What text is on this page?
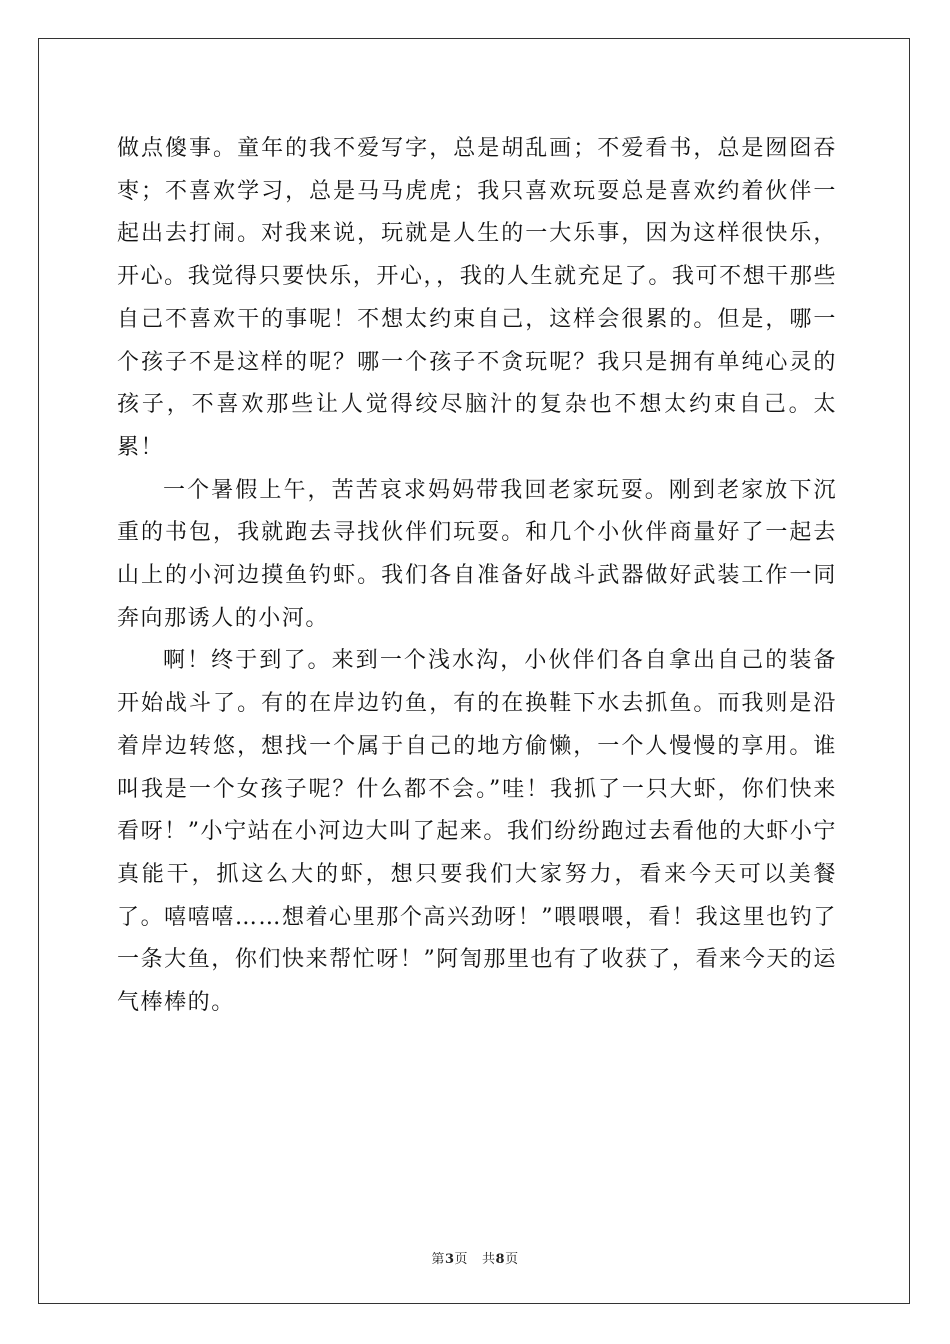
做点傻事。童年的我不爱写字，总是胡乱画；不爱看书，总是囫囵吞枣；不喜欢学习，总是马马虎虎；我只喜欢玩耍总是喜欢约着伙伴一起出去打闹。对我来说，玩就是人生的一大乐事，因为这样很快乐，开心。我觉得只要快乐，开心，，我的人生就充足了。我可不想干那些自己不喜欢干的事呢！不想太约束自己，这样会很累的。但是，哪一个孩子不是这样的呢？哪一个孩子不贪玩呢？我只是拥有单纯心灵的孩子，不喜欢那些让人觉得绞尽脑汁的复杂也不想太约束自己。太累！

一个暑假上午，苦苦哀求妈妈带我回老家玩耍。刚到老家放下沉重的书包，我就跑去寻找伙伴们玩耍。和几个小伙伴商量好了一起去山上的小河边摸鱼钓虾。我们各自准备好战斗武器做好武装工作一同奔向那诱人的小河。

啊！终于到了。来到一个浅水沟，小伙伴们各自拿出自己的装备开始战斗了。有的在岸边钓鱼，有的在换鞋下水去抓鱼。而我则是沿着岸边转悠，想找一个属于自己的地方偷懒，一个人慢慢的享用。谁叫我是一个女孩子呢？什么都不会。”哇！我抓了一只大虾，你们快来看呀！”小宁站在小河边大叫了起来。我们纷纷跑过去看他的大虾小宁真能干，抓这么大的虾，想只要我们大家努力，看来今天可以美餐了。嘻嘻嘻……想着心里那个高兴劲呀！”喂喂喂，看！我这里也钓了一条大鱼，你们快来帮忙呀！”阿訇那里也有了收获了，看来今天的运气棒棒的。

第3页 共8页
